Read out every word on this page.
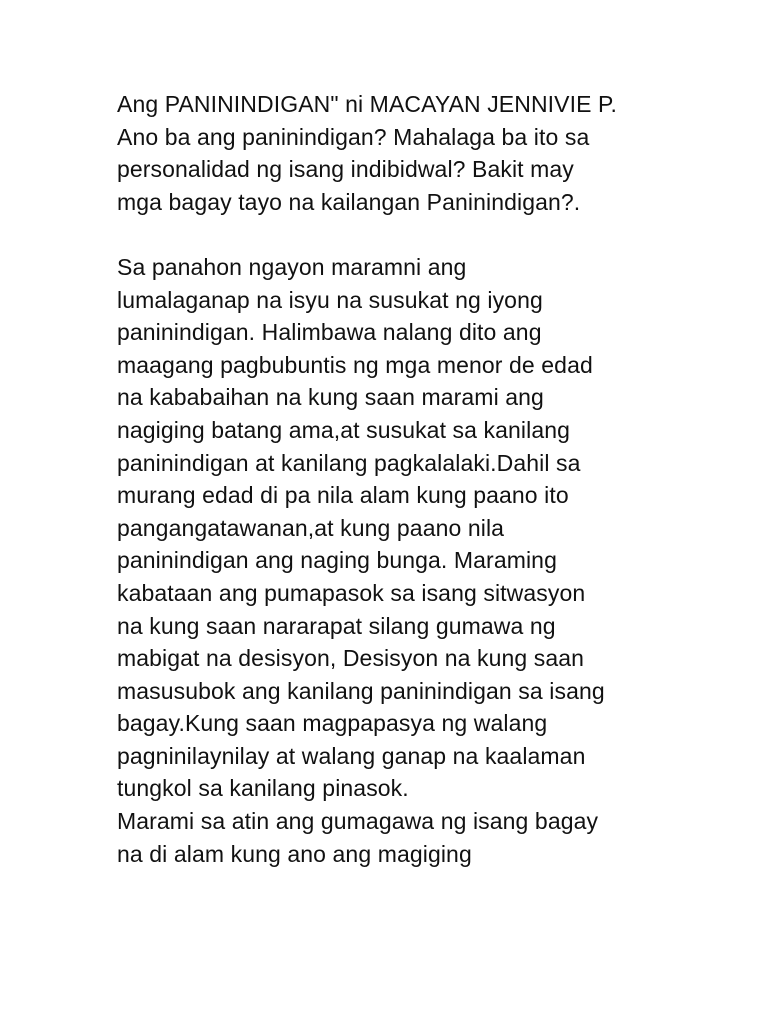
Ang PANININDIGAN" ni MACAYAN JENNIVIE P.
Ano ba ang paninindigan? Mahalaga ba ito sa
personalidad ng isang indibidwal? Bakit may
mga bagay tayo na kailangan Paninindigan?.

Sa panahon ngayon maramni ang
lumalaganap na isyu na susukat ng iyong
paninindigan. Halimbawa nalang dito ang
maagang pagbubuntis ng mga menor de edad
na kababaihan na kung saan marami ang
nagiging batang ama,at susukat sa kanilang
paninindigan at kanilang pagkalalaki.Dahil sa
murang edad di pa nila alam kung paano ito
pangangatawanan,at kung paano nila
paninindigan ang naging bunga. Maraming
kabataan ang pumapasok sa isang sitwasyon
na kung saan nararapat silang gumawa ng
mabigat na desisyon, Desisyon na kung saan
masusubok ang kanilang paninindigan sa isang
bagay.Kung saan magpapasya ng walang
pagninilaynilay at walang ganap na kaalaman
tungkol sa kanilang pinasok.

Marami sa atin ang gumagawa ng isang bagay
na di alam kung ano ang magiging
